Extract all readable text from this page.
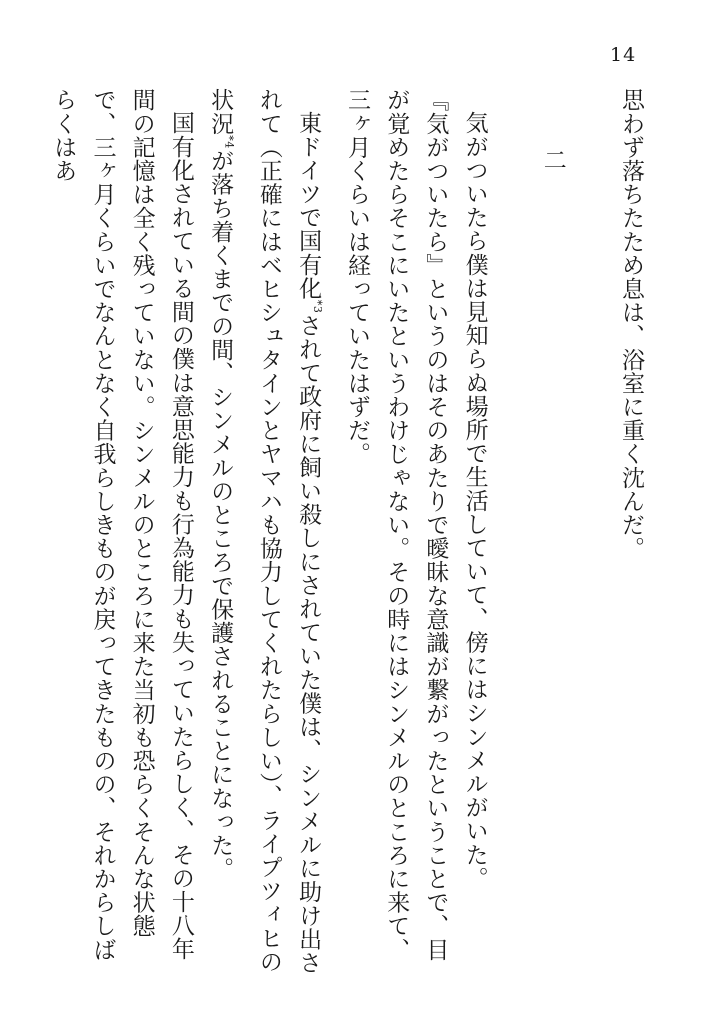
14

思わず落ちたため息は、浴室に重く沈んだ。

二

気がついたら僕は見知らぬ場所で生活していて、傍にはシンメルがいた。

『気がついたら』というのはそのあたりで曖昧な意識が繋がったということで、目が覚めたらそこにいたというわけじゃない。その時にはシンメルのところに来て、三ヶ月くらいは経っていたはずだ。

東ドイツで国有化$^{*3}$されて政府に飼い殺しにされていた僕は、シンメルに助け出されて（正確にはベヒシュタインとヤマハも協力してくれたらしい）、ライプツィヒの状況$^{*4}$が落ち着くまでの間、シンメルのところで保護されることになった。

国有化されている間の僕は意思能力も行為能力も失っていたらしく、その十八年間の記憶は全く残っていない。シンメルのところに来た当初も恐らくそんな状態で、三ヶ月くらいでなんとなく自我らしきものが戻ってきたものの、それからしばらくはあ
